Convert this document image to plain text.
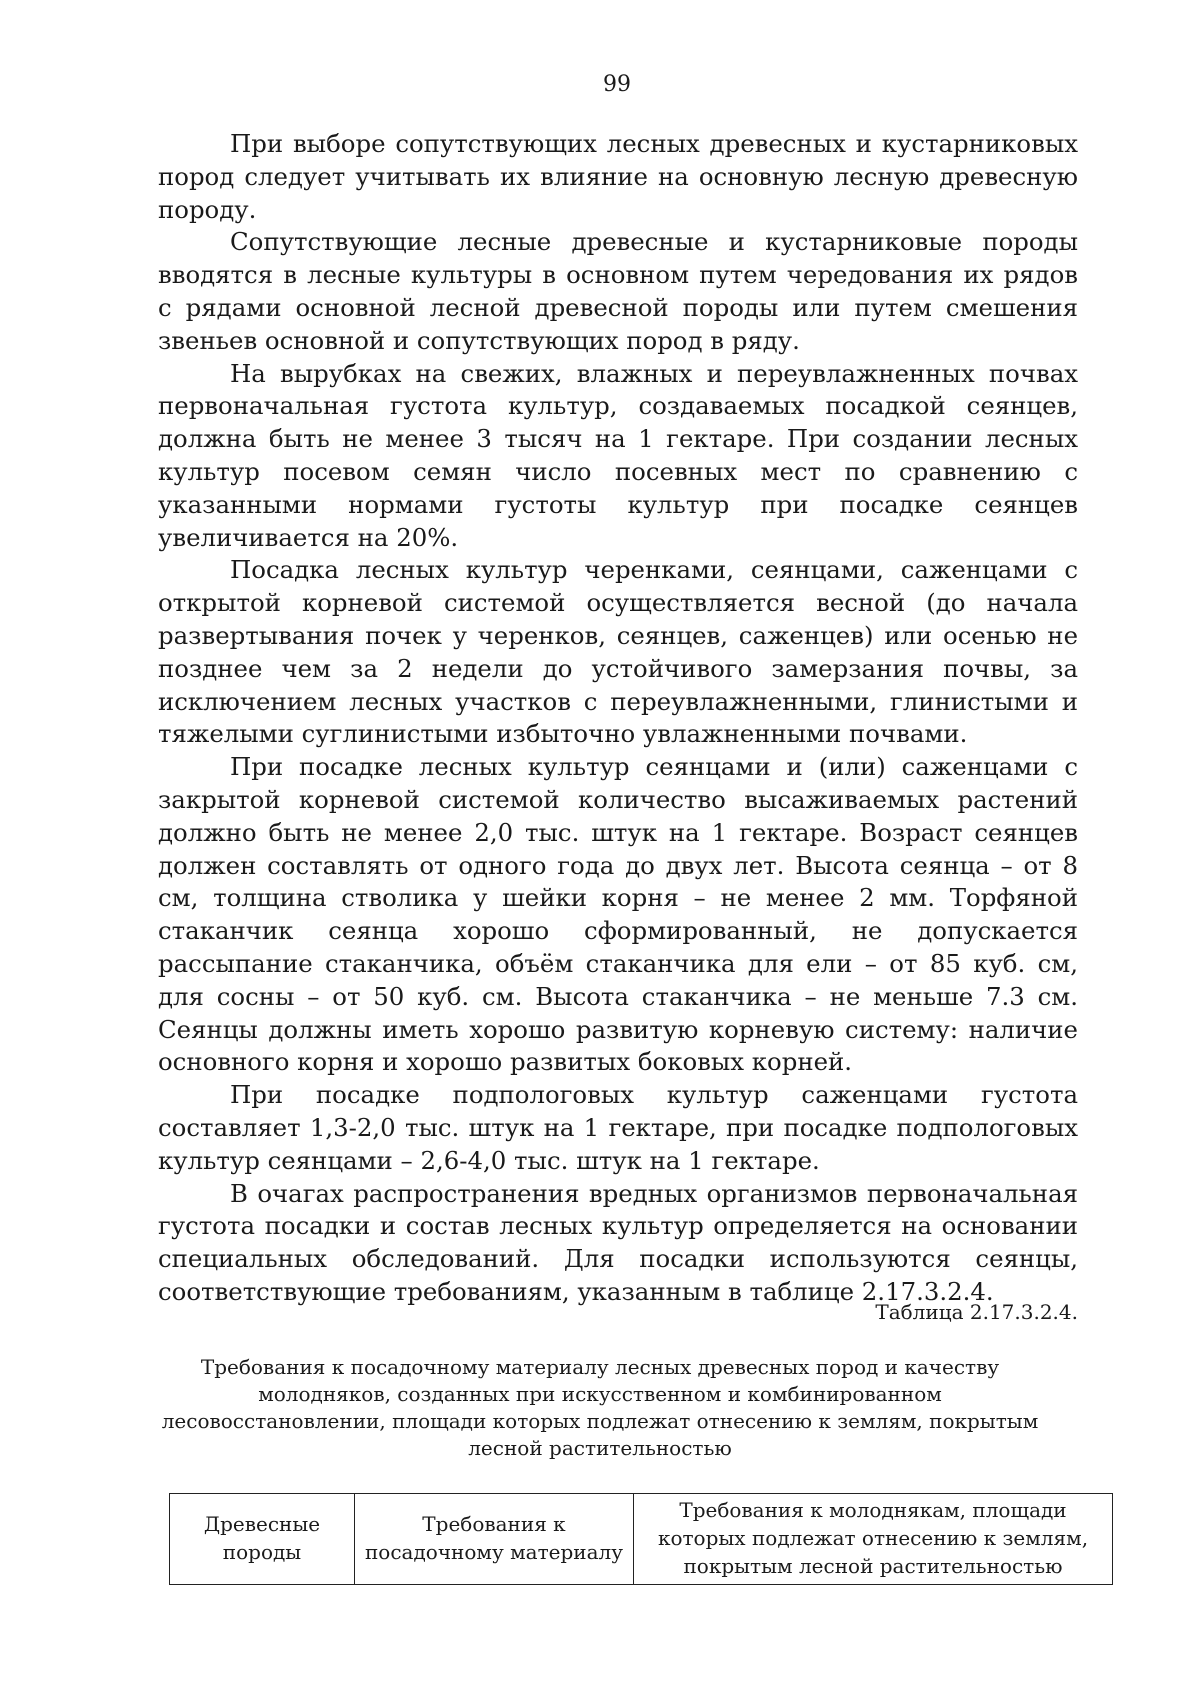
99

При выборе сопутствующих лесных древесных и кустарниковых пород следует учитывать их влияние на основную лесную древесную породу.

Сопутствующие лесные древесные и кустарниковые породы вводятся в лесные культуры в основном путем чередования их рядов с рядами основной лесной древесной породы или путем смешения звеньев основной и сопутствующих пород в ряду.

На вырубках на свежих, влажных и переувлажненных почвах первоначальная густота культур, создаваемых посадкой сеянцев, должна быть не менее 3 тысяч на 1 гектаре. При создании лесных культур посевом семян число посевных мест по сравнению с указанными нормами густоты культур при посадке сеянцев увеличивается на 20%.

Посадка лесных культур черенками, сеянцами, саженцами с открытой корневой системой осуществляется весной (до начала развертывания почек у черенков, сеянцев, саженцев) или осенью не позднее чем за 2 недели до устойчивого замерзания почвы, за исключением лесных участков с переувлажненными, глинистыми и тяжелыми суглинистыми избыточно увлажненными почвами.

При посадке лесных культур сеянцами и (или) саженцами с закрытой корневой системой количество высаживаемых растений должно быть не менее 2,0 тыс. штук на 1 гектаре. Возраст сеянцев должен составлять от одного года до двух лет. Высота сеянца – от 8 см, толщина стволика у шейки корня – не менее 2 мм. Торфяной стаканчик сеянца хорошо сформированный, не допускается рассыпание стаканчика, объём стаканчика для ели – от 85 куб. см, для сосны – от 50 куб. см. Высота стаканчика – не меньше 7.3 см. Сеянцы должны иметь хорошо развитую корневую систему: наличие основного корня и хорошо развитых боковых корней.

При посадке подпологовых культур саженцами густота составляет 1,3-2,0 тыс. штук на 1 гектаре, при посадке подпологовых культур сеянцами – 2,6-4,0 тыс. штук на 1 гектаре.

В очагах распространения вредных организмов первоначальная густота посадки и состав лесных культур определяется на основании специальных обследований. Для посадки используются сеянцы, соответствующие требованиям, указанным в таблице 2.17.3.2.4.

Таблица 2.17.3.2.4.
Требования к посадочному материалу лесных древесных пород и качеству молодняков, созданных при искусственном и комбинированном лесовосстановлении, площади которых подлежат отнесению к землям, покрытым лесной растительностью
Древесные породы	Требования к посадочному материалу	Требования к молоднякам, площади которых подлежат отнесению к землям, покрытым лесной растительностью
